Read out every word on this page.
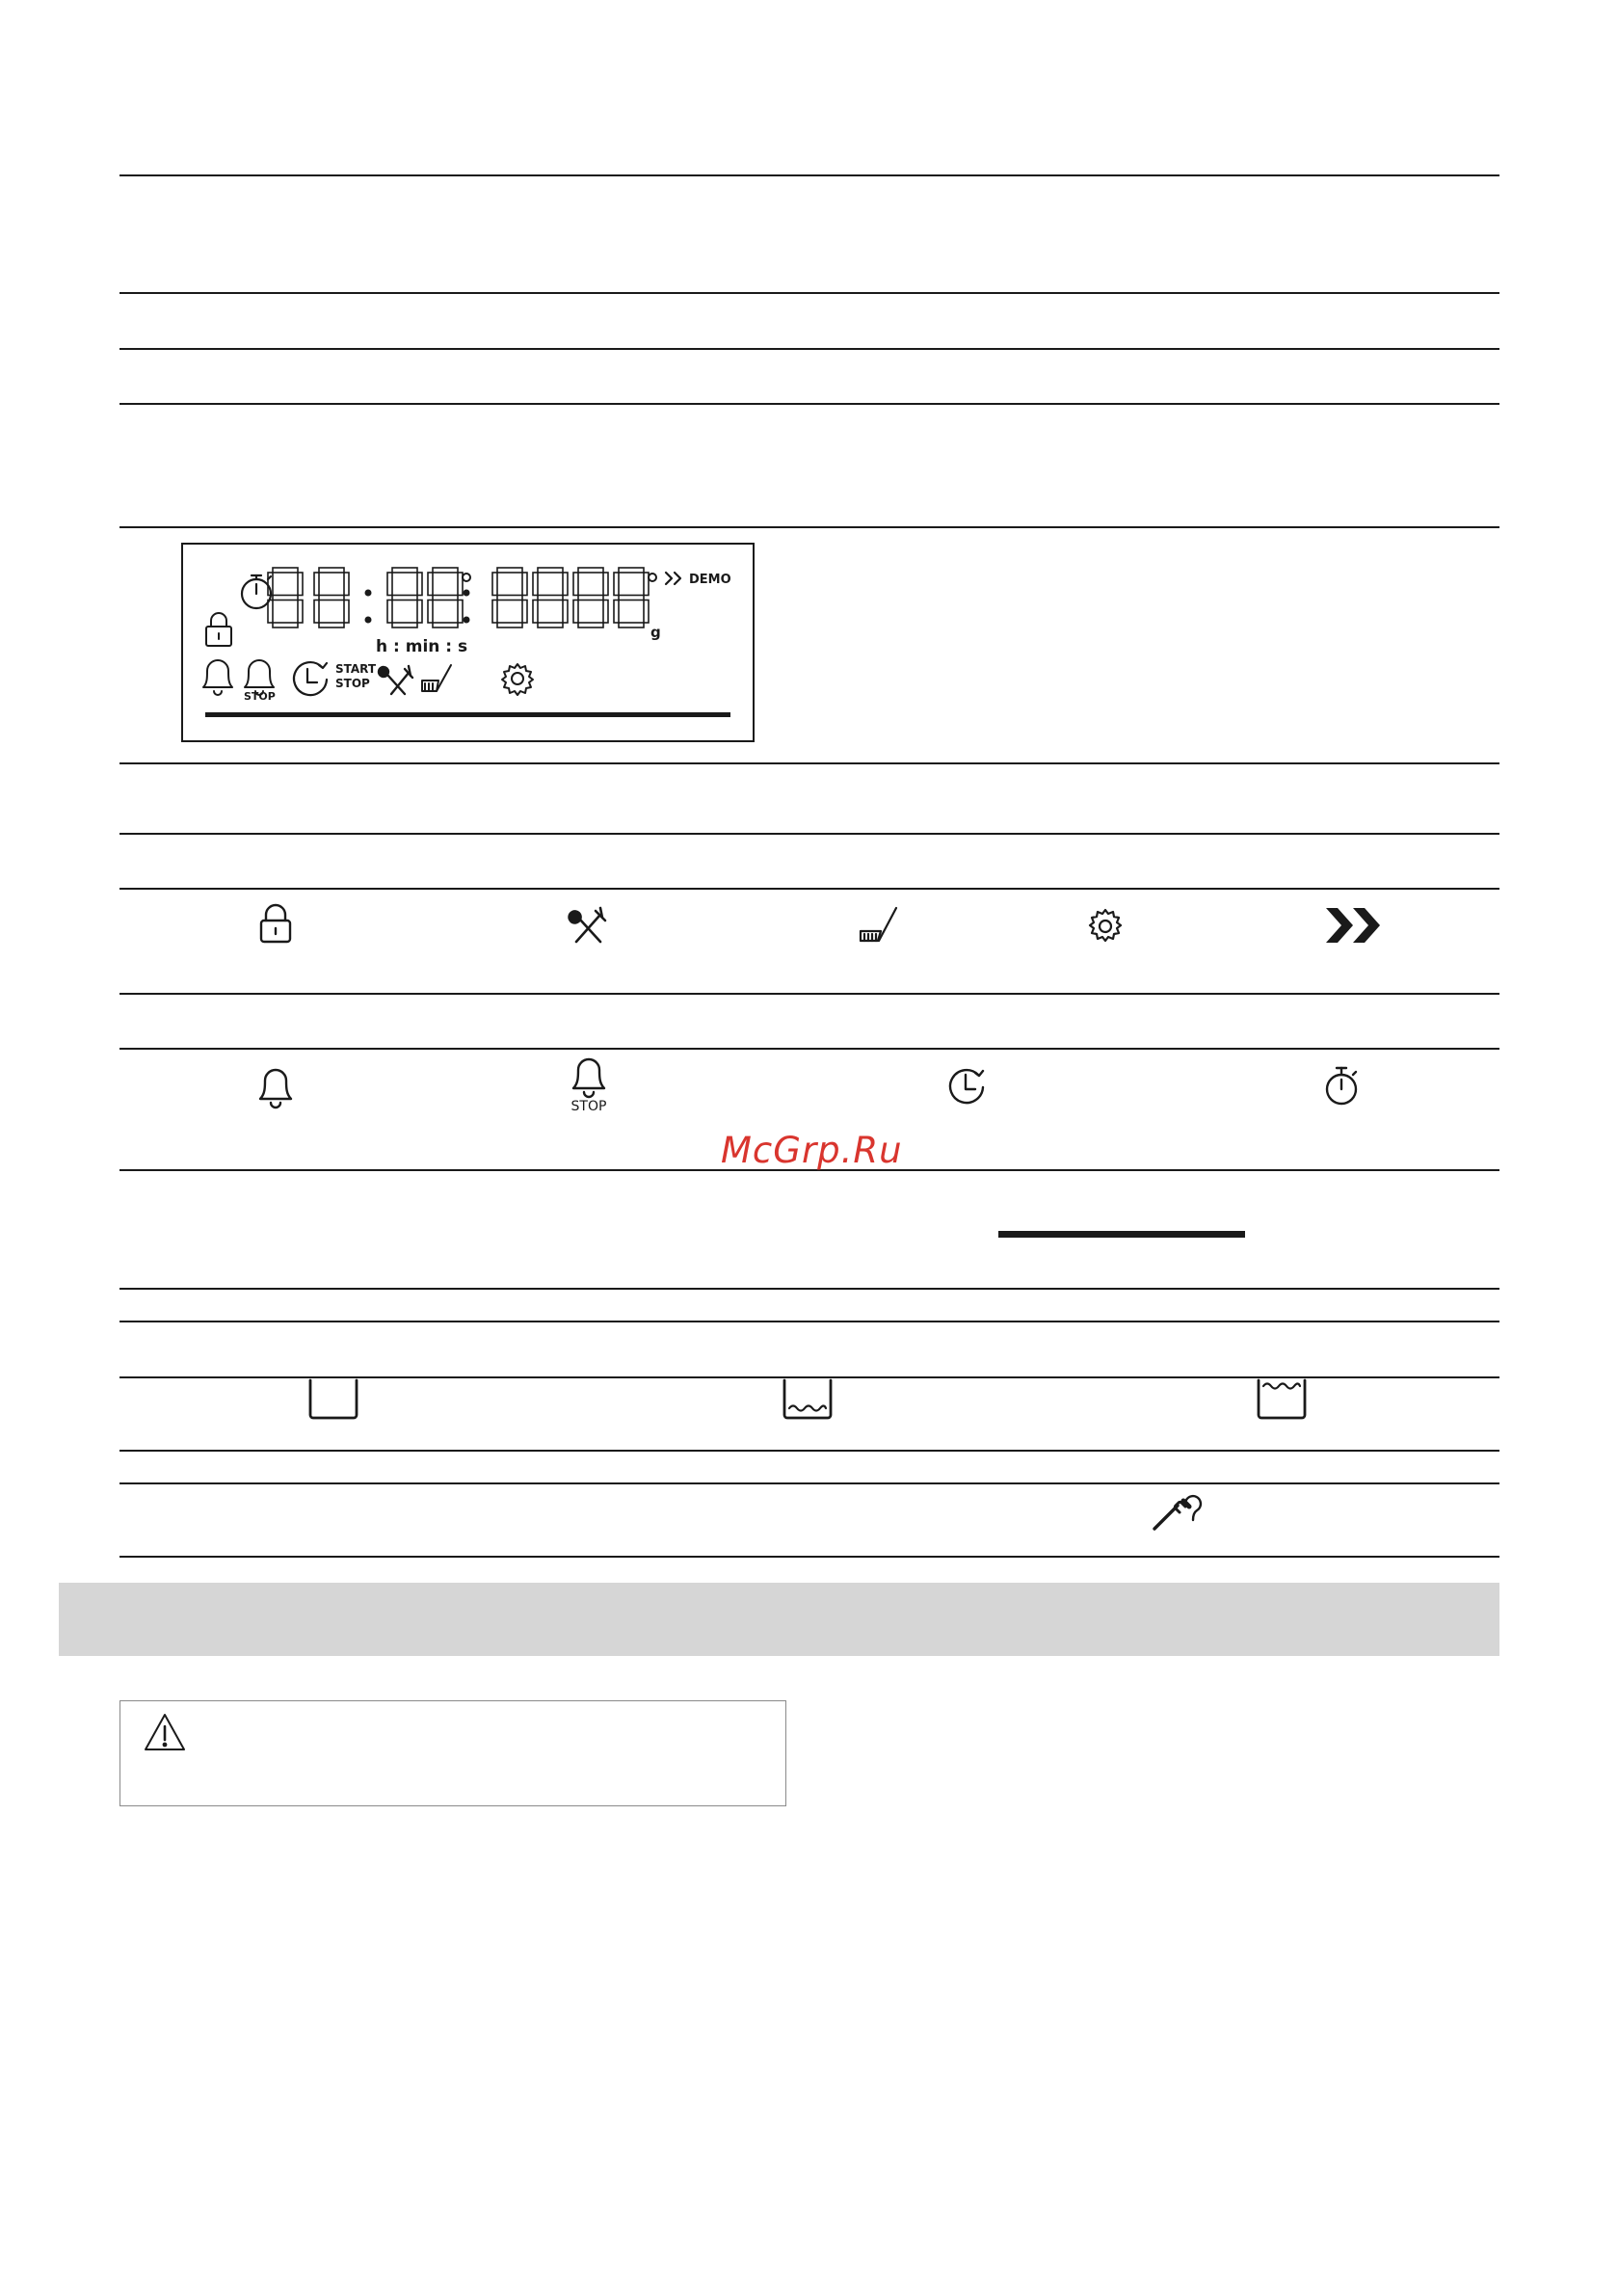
DEMO
g
h : min : s
STOP
START
STOP
STOP
McGrp.Ru
